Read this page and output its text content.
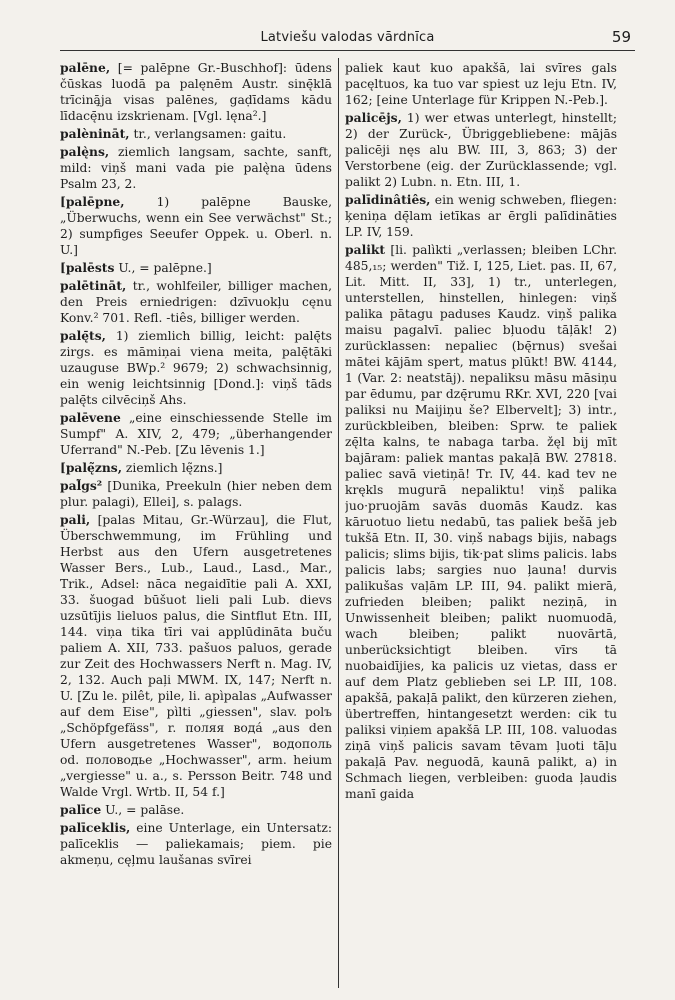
Latviešu valodas vārdnīca	59

palēne, [= palēpne Gr.-Buschhof]: ūdens čūskas luodā pa palęnēm Austr. sinę̄klā trīcinā̧ja visas palēnes, gaḍīdams kādu līdacę̄nu izskrienam. [Vgl. lęna².]

palènināt, tr., verlangsamen: gaitu.

palę̀ns, ziemlich langsam, sachte, sanft, mild: viņš mani vada pie palę̀na ūdens Psalm 23, 2.

[palēpne, 1) palēpne Bauske, „Überwuchs, wenn ein See verwächst" St.; 2) sumpfiges Seeufer Oppek. u. Oberl. n. U.]

[palēsts U., = palēpne.]

palētināt, tr., wohlfeiler, billiger machen, den Preis erniedrigen: dzīvuokļu cęnu Konv.² 701. Refl. -tiês, billiger werden.

palę̄ts, 1) ziemlich billig, leicht: palę̄ts zirgs. es māmiņai viena meita, palę̄tāki uzauguse BWp.² 9679; 2) schwachsinnig, ein wenig leichtsinnig [Dond.]: viņš tāds palę̄ts cilvēciņš Ahs.

palēvene „eine einschiessende Stelle im Sumpf" A. XIV, 2, 479; „überhangender Uferrand" N.-Peb. [Zu lēvenis 1.]

[palę̃zns, ziemlich lę̃zns.]

pal̃gs² [Dunika, Preekuln (hier neben dem plur. palagi), Ellei], s. palags.

pali, [palas Mitau, Gr.-Würzau], die Flut, Überschwemmung, im Frühling und Herbst aus den Ufern ausgetretenes Wasser Bers., Lub., Laud., Lasd., Mar., Trik., Adsel: nāca negaidītie pali A. XXI, 33. šuogad būšuot lieli pali Lub. dievs uzsūtījis lieluos palus, die Sintflut Etn. III, 144. viņa tika tīri vai applūdināta buču paliem A. XII, 733. pašuos paluos, gerade zur Zeit des Hochwassers Nerft n. Mag. IV, 2, 132. Auch paļi MWM. IX, 147; Nerft n. U. [Zu le. pilêt, pile, li. apìpalas „Aufwasser auf dem Eise", pìlti „giessen", slav. polъ „Schöpfgefäss", r. поляя водá „aus den Ufern ausgetretenes Wasser", водополь od. половодье „Hochwasser", arm. heium „vergiesse" u. a., s. Persson Beitr. 748 und Walde Vrgl. Wrtb. II, 54 f.]

palīce U., = palāse.

palīceklis, eine Unterlage, ein Untersatz: palīceklis — paliekamais; piem. pie akmeņu, cęļmu laušanas svīrei

paliek kaut kuo apakšā, lai svīres gals pacęltuos, ka tuo var spiest uz leju Etn. IV, 162; [eine Unterlage für Krippen N.-Peb.].

palicējs, 1) wer etwas unterlegt, hinstellt; 2) der Zurück-, Übriggebliebene: mājās palicēji nęs alu BW. III, 3, 863; 3) der Verstorbene (eig. der Zurücklassende; vgl. palikt 2) Lubn. n. Etn. III, 1.

palīdinâtiês, ein wenig schweben, fliegen: ķeniņa dę̄lam ietīkas ar ērgli palīdināties LP. IV, 159.

palikt [li. palìkti „verlassen; bleiben LChr. 485,₁₅; werden" Tiž. I, 125, Liet. pas. II, 67, Lit. Mitt. II, 33], 1) tr., unterlegen, unterstellen, hinstellen, hinlegen: viņš palika pātagu paduses Kaudz. viņš palika maisu pagalvī. paliec bļuodu tāļāk! 2) zurücklassen: nepaliec (bę̄rnus) svešai mātei kājām spert, matus plūkt! BW. 4144, 1 (Var. 2: neatstāj). nepaliksu māsu māsiņu par ēdumu, par dzę̄rumu RKr. XVI, 220 [vai paliksi nu Maijiņu še? Elbervelt]; 3) intr., zurückbleiben, bleiben: Sprw. te paliek zę̄lta kalns, te nabaga tarba. žęl bij mīt bajāram: paliek mantas pakaļā BW. 27818. paliec savā vietiņā! Tr. IV, 44. kad tev ne krękls mugurā nepaliktu! viņš palika juo·pruojām savās duomās Kaudz. kas kāruotuo lietu nedabū, tas paliek bešā jeb tukšā Etn. II, 30. viņš nabags bijis, nabags palicis; slims bijis, tik·pat slims palicis. labs palicis labs; sargies nuo ļauna! durvis palikušas vaļām LP. III, 94. palikt mierā, zufrieden bleiben; palikt neziņā, in Unwissenheit bleiben; palikt nuomuodā, wach bleiben; palikt nuovārtā, unberücksichtigt bleiben. vīrs tā nuobaidījies, ka palicis uz vietas, dass er auf dem Platz geblieben sei LP. III, 108. apakšā, pakaļā palikt, den kürzeren ziehen, übertreffen, hintangesetzt werden: cik tu paliksi viņiem apakšā LP. III, 108. valuodas ziņā viņš palicis savam tēvam ļuoti tāļu pakaļā Pav. neguodā, kaunā palikt, a) in Schmach liegen, verbleiben: guoda ļaudis manī gaida
